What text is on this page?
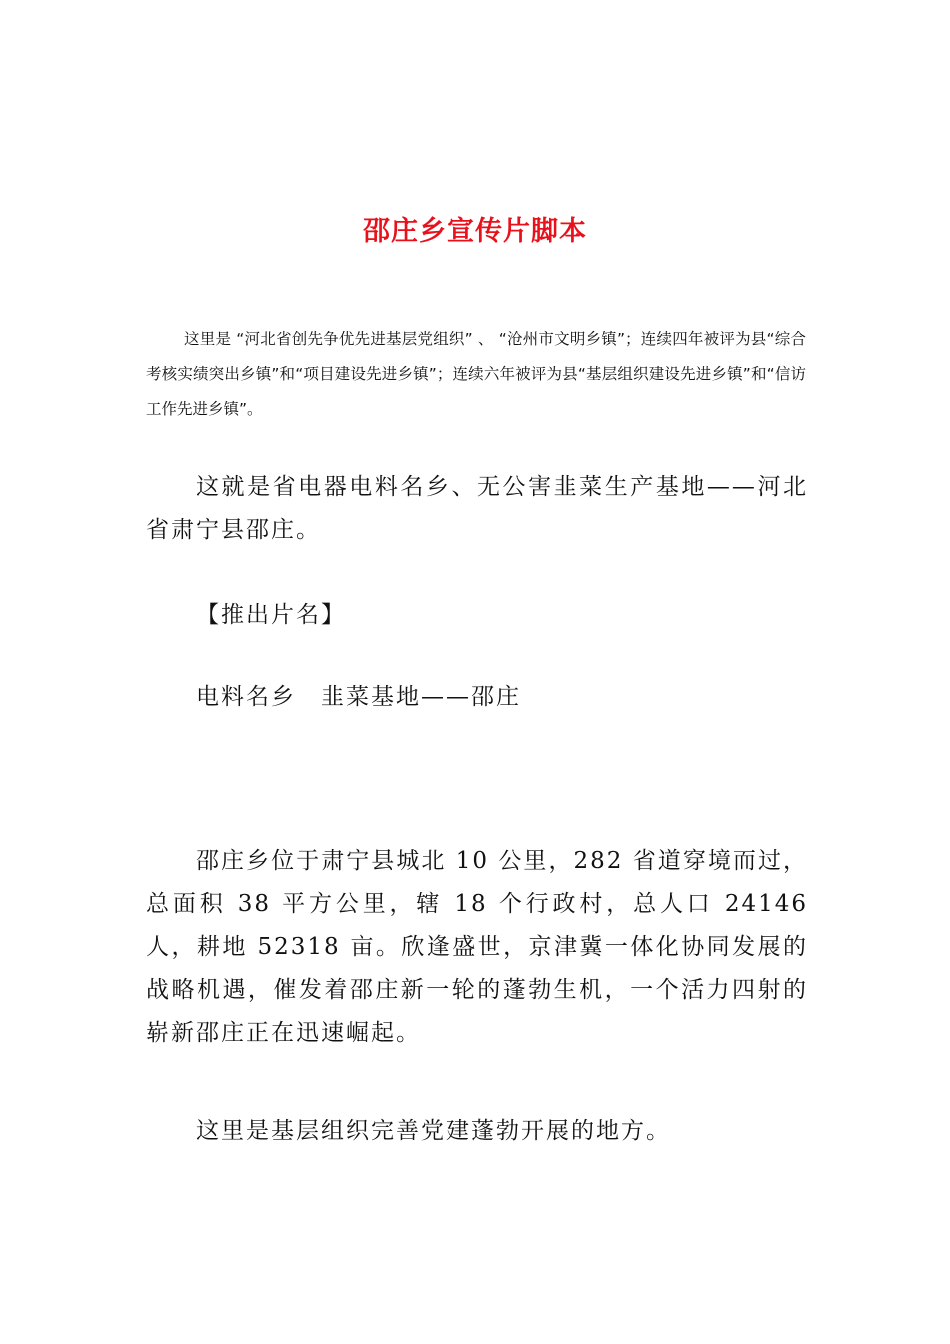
邵庄乡宣传片脚本

这里是 “河北省创先争优先进基层党组织” 、 “沧州市文明乡镇”；连续四年被评为县“综合考核实绩突出乡镇”和“项目建设先进乡镇”；连续六年被评为县“基层组织建设先进乡镇”和“信访工作先进乡镇”。

这就是省电器电料名乡、无公害韭菜生产基地——河北省肃宁县邵庄。

【推出片名】

电料名乡　韭菜基地——邵庄

邵庄乡位于肃宁县城北 10 公里，282 省道穿境而过，总面积 38 平方公里，辖 18 个行政村，总人口 24146 人，耕地 52318 亩。欣逢盛世，京津冀一体化协同发展的战略机遇，催发着邵庄新一轮的蓬勃生机，一个活力四射的崭新邵庄正在迅速崛起。

这里是基层组织完善党建蓬勃开展的地方。
